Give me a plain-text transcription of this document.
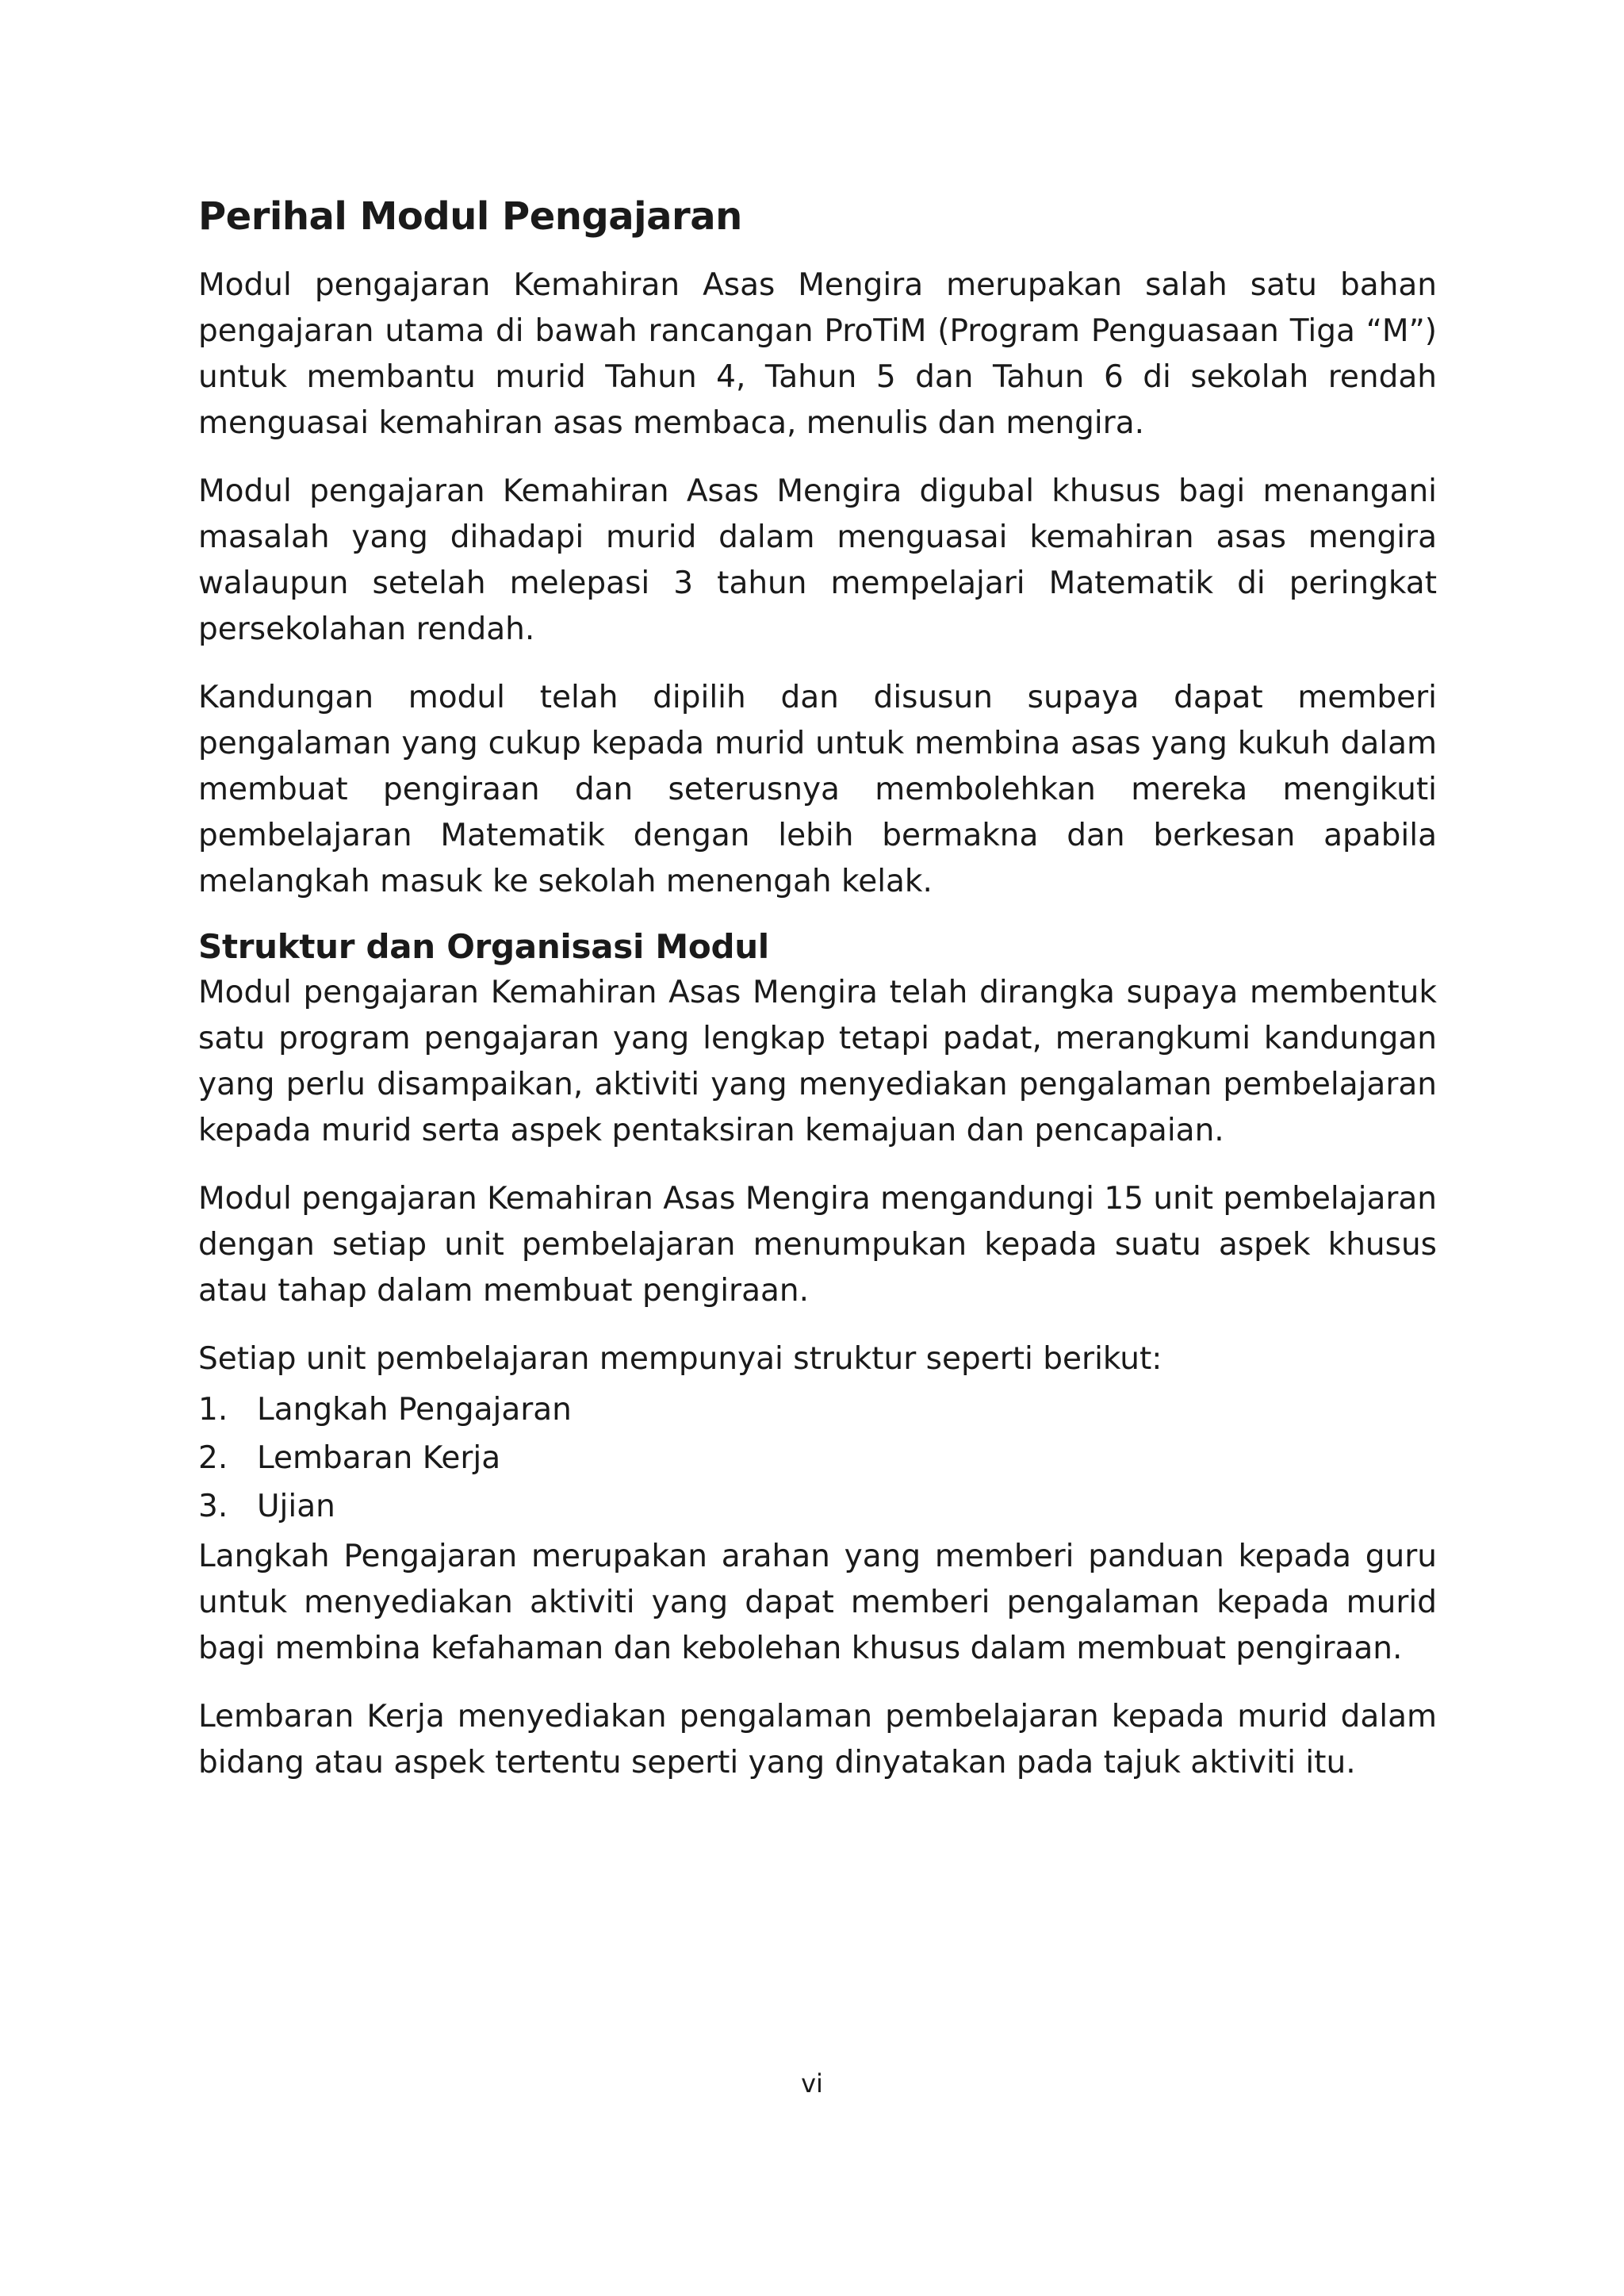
Perihal Modul Pengajaran

Modul pengajaran Kemahiran Asas Mengira merupakan salah satu bahan pengajaran utama di bawah rancangan ProTiM (Program Penguasaan Tiga “M”) untuk membantu murid Tahun 4, Tahun 5 dan Tahun 6 di sekolah rendah menguasai kemahiran asas membaca, menulis dan mengira.

Modul pengajaran Kemahiran Asas Mengira digubal khusus bagi menangani masalah yang dihadapi murid dalam menguasai kemahiran asas mengira walaupun setelah melepasi 3 tahun mempelajari Matematik di peringkat persekolahan rendah.

Kandungan modul telah dipilih dan disusun supaya dapat memberi pengalaman yang cukup kepada murid untuk membina asas yang kukuh dalam membuat pengiraan dan seterusnya membolehkan mereka mengikuti pembelajaran Matematik dengan lebih bermakna dan berkesan apabila melangkah masuk ke sekolah menengah kelak.

Struktur dan Organisasi Modul

Modul pengajaran Kemahiran Asas Mengira telah dirangka supaya membentuk satu program pengajaran yang lengkap tetapi padat, merangkumi kandungan yang perlu disampaikan, aktiviti yang menyediakan pengalaman pembelajaran kepada murid serta aspek pentaksiran kemajuan dan pencapaian.

Modul pengajaran Kemahiran Asas Mengira mengandungi 15 unit pembelajaran dengan setiap unit pembelajaran menumpukan kepada suatu aspek khusus atau tahap dalam membuat pengiraan.

Setiap unit pembelajaran mempunyai struktur seperti berikut:

1. Langkah Pengajaran
2. Lembaran Kerja
3. Ujian

Langkah Pengajaran merupakan arahan yang memberi panduan kepada guru untuk menyediakan aktiviti yang dapat memberi pengalaman kepada murid bagi membina kefahaman dan kebolehan khusus dalam membuat pengiraan.

Lembaran Kerja menyediakan pengalaman pembelajaran kepada murid dalam bidang atau aspek tertentu seperti yang dinyatakan pada tajuk aktiviti itu.

vi
